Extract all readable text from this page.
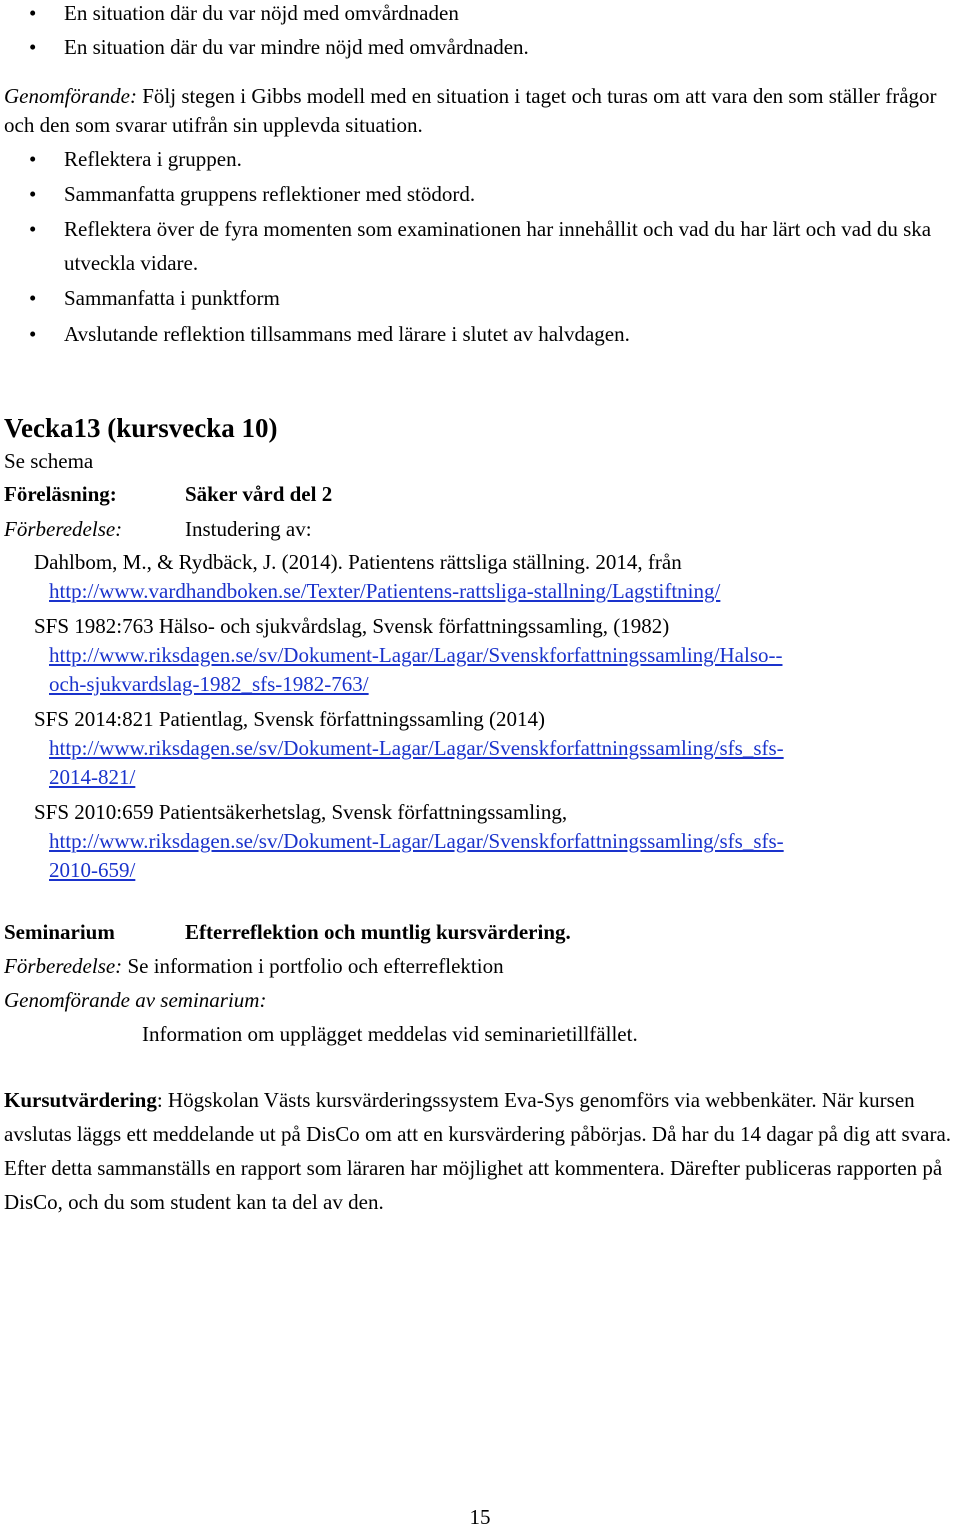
• En situation där du var nöjd med omvårdnaden
• En situation där du var mindre nöjd med omvårdnaden.

Genomförande: Följ stegen i Gibbs modell med en situation i taget och turas om att vara den som ställer frågor och den som svarar utifrån sin upplevda situation.

• Reflektera i gruppen.
• Sammanfatta gruppens reflektioner med stödord.
• Reflektera över de fyra momenten som examinationen har innehållit och vad du har lärt och vad du ska utveckla vidare.
• Sammanfatta i punktform
• Avslutande reflektion tillsammans med lärare i slutet av halvdagen.
Vecka13 (kursvecka 10)
Se schema
Föreläsning:	Säker vård del 2
Förberedelse:	Instudering av:
Dahlbom, M., & Rydbäck, J. (2014). Patientens rättsliga ställning. 2014, från
http://www.vardhandboken.se/Texter/Patientens-rattsliga-stallning/Lagstiftning/
SFS 1982:763 Hälso- och sjukvårdslag, Svensk författningssamling, (1982)
http://www.riksdagen.se/sv/Dokument-Lagar/Lagar/Svenskforfattningssamling/Halso--
och-sjukvardslag-1982_sfs-1982-763/
SFS 2014:821 Patientlag, Svensk författningssamling (2014)
http://www.riksdagen.se/sv/Dokument-Lagar/Lagar/Svenskforfattningssamling/sfs_sfs-
2014-821/
SFS 2010:659 Patientsäkerhetslag, Svensk författningssamling,
http://www.riksdagen.se/sv/Dokument-Lagar/Lagar/Svenskforfattningssamling/sfs_sfs-
2010-659/
Seminarium	Efterreflektion och muntlig kursvärdering.
Förberedelse: Se information i portfolio och efterreflektion
Genomförande av seminarium:
Information om upplägget meddelas vid seminarietillfället.

Kursutvärdering: Högskolan Västs kursvärderingssystem Eva-Sys genomförs via webbenkäter. När kursen avslutas läggs ett meddelande ut på DisCo om att en kursvärdering påbörjas. Då har du 14 dagar på dig att svara. Efter detta sammanställs en rapport som läraren har möjlighet att kommentera. Därefter publiceras rapporten på DisCo, och du som student kan ta del av den.

15
